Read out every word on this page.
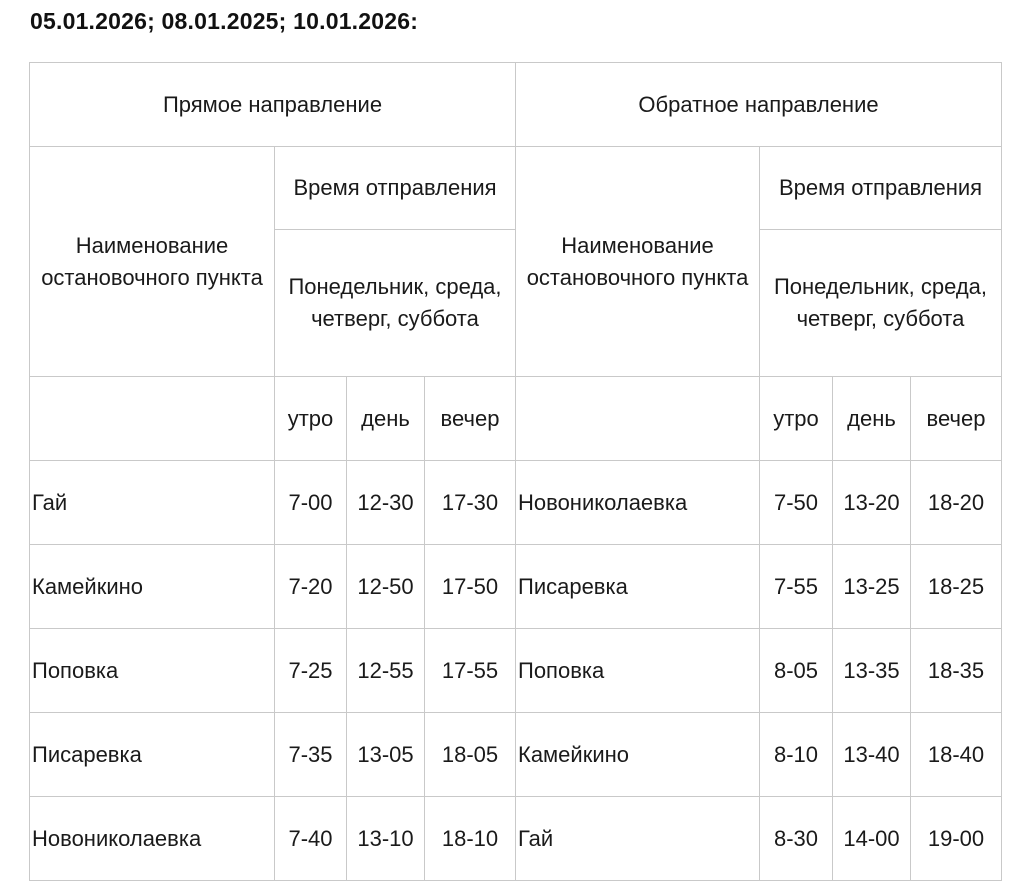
05.01.2026; 08.01.2025; 10.01.2026:
Прямое направление				Обратное направление			
Наименование остановочного пункта	Время отправления			Наименование остановочного пункта	Время отправления		
	Понедельник, среда, четверг, суббота				Понедельник, среда, четверг, суббота		
	утро	день	вечер		утро	день	вечер
Гай	7-00	12-30	17-30	Новониколаевка	7-50	13-20	18-20
Камейкино	7-20	12-50	17-50	Писаревка	7-55	13-25	18-25
Поповка	7-25	12-55	17-55	Поповка	8-05	13-35	18-35
Писаревка	7-35	13-05	18-05	Камейкино	8-10	13-40	18-40
Новониколаевка	7-40	13-10	18-10	Гай	8-30	14-00	19-00
